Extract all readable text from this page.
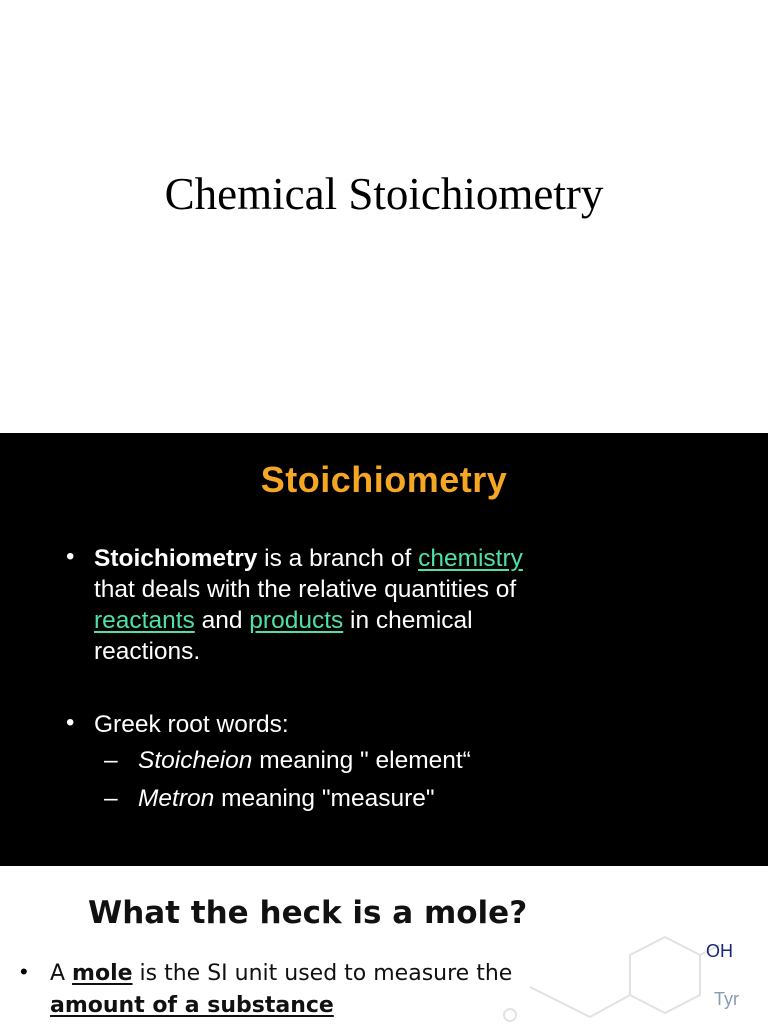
Chemical Stoichiometry
Stoichiometry
• Stoichiometry is a branch of chemistry
that deals with the relative quantities of
reactants and products in chemical
reactions.
• Greek root words:
– Stoicheion meaning " element“
– Metron meaning "measure"
OH
Tyr
What the heck is a mole?
• A mole is the SI unit used to measure the
amount of a substance
